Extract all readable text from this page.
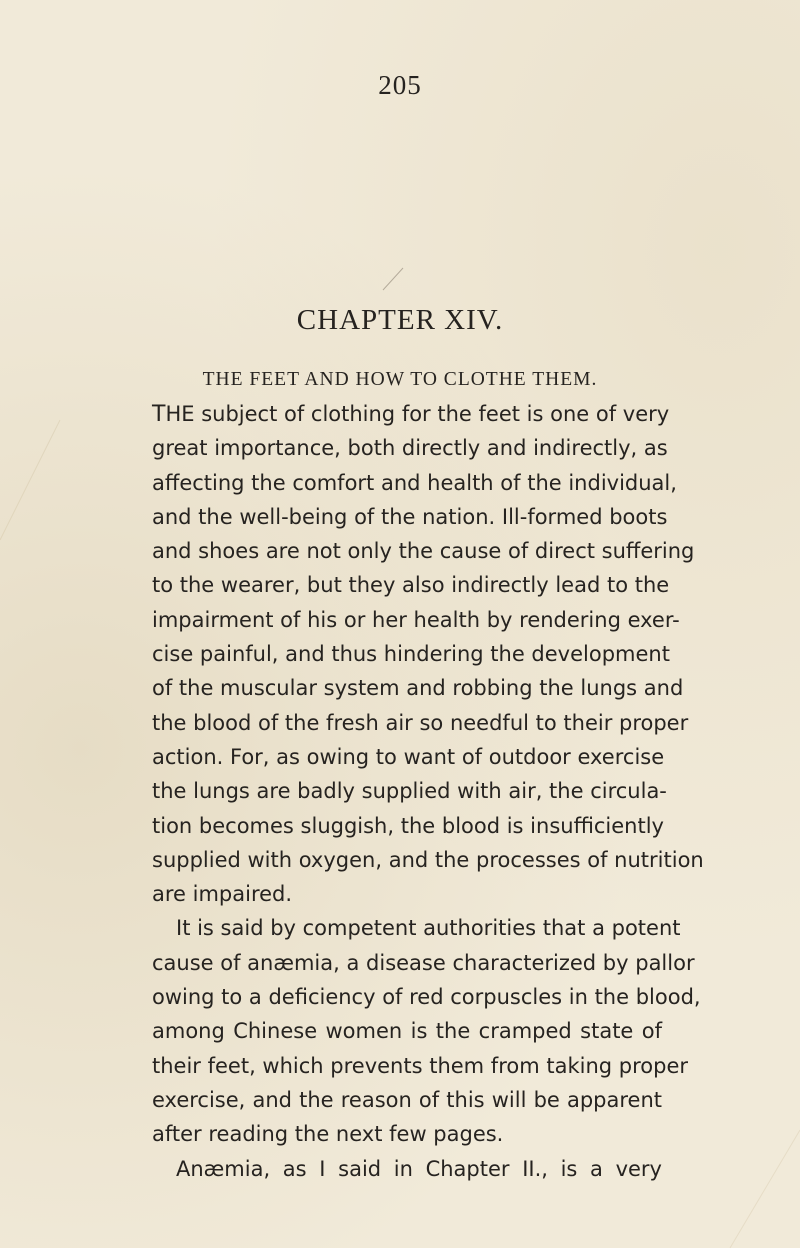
205
CHAPTER XIV.
THE FEET AND HOW TO CLOTHE THEM.
THE subject of clothing for the feet is one of very
great importance, both directly and indirectly, as
affecting the comfort and health of the individual,
and the well-being of the nation. Ill-formed boots
and shoes are not only the cause of direct suffering
to the wearer, but they also indirectly lead to the
impairment of his or her health by rendering exer-
cise painful, and thus hindering the development
of the muscular system and robbing the lungs and
the blood of the fresh air so needful to their proper
action. For, as owing to want of outdoor exercise
the lungs are badly supplied with air, the circula-
tion becomes sluggish, the blood is insufficiently
supplied with oxygen, and the processes of nutrition
are impaired.
It is said by competent authorities that a potent
cause of anæmia, a disease characterized by pallor
owing to a deficiency of red corpuscles in the blood,
among Chinese women is the cramped state of
their feet, which prevents them from taking proper
exercise, and the reason of this will be apparent
after reading the next few pages.
Anæmia, as I said in Chapter II., is a very
